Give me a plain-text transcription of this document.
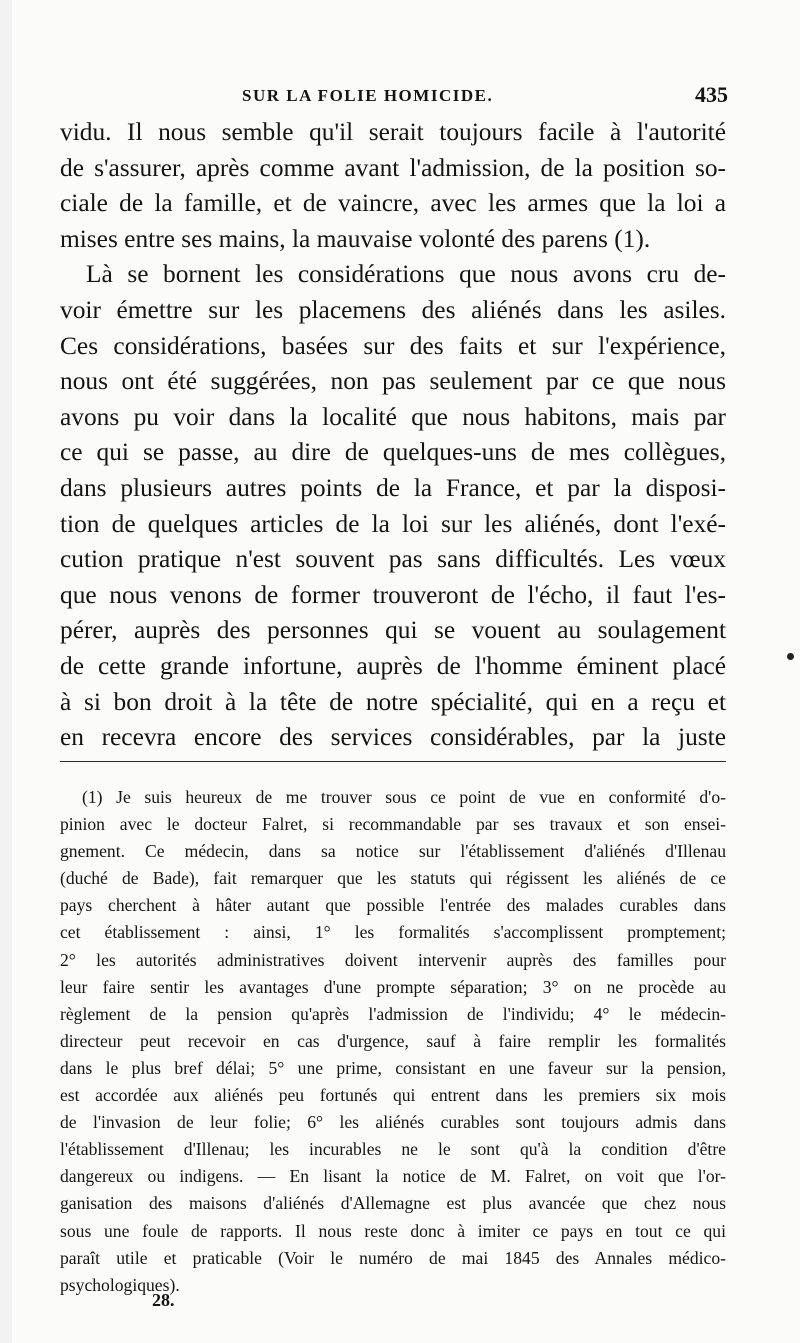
SUR LA FOLIE HOMICIDE.	435
vidu. Il nous semble qu'il serait toujours facile à l'autorité
de s'assurer, après comme avant l'admission, de la position so-
ciale de la famille, et de vaincre, avec les armes que la loi a
mises entre ses mains, la mauvaise volonté des parens (1).
Là se bornent les considérations que nous avons cru de-
voir émettre sur les placemens des aliénés dans les asiles.
Ces considérations, basées sur des faits et sur l'expérience,
nous ont été suggérées, non pas seulement par ce que nous
avons pu voir dans la localité que nous habitons, mais par
ce qui se passe, au dire de quelques-uns de mes collègues,
dans plusieurs autres points de la France, et par la disposi-
tion de quelques articles de la loi sur les aliénés, dont l'exé-
cution pratique n'est souvent pas sans difficultés. Les vœux
que nous venons de former trouveront de l'écho, il faut l'es-
pérer, auprès des personnes qui se vouent au soulagement
de cette grande infortune, auprès de l'homme éminent placé
à si bon droit à la tête de notre spécialité, qui en a reçu et
en recevra encore des services considérables, par la juste
(1) Je suis heureux de me trouver sous ce point de vue en conformité d'o-
pinion avec le docteur Falret, si recommandable par ses travaux et son ensei-
gnement. Ce médecin, dans sa notice sur l'établissement d'aliénés d'Illenau
(duché de Bade), fait remarquer que les statuts qui régissent les aliénés de ce
pays cherchent à hâter autant que possible l'entrée des malades curables dans
cet établissement : ainsi, 1° les formalités s'accomplissent promptement;
2° les autorités administratives doivent intervenir auprès des familles pour
leur faire sentir les avantages d'une prompte séparation; 3° on ne procède au
règlement de la pension qu'après l'admission de l'individu; 4° le médecin-
directeur peut recevoir en cas d'urgence, sauf à faire remplir les formalités
dans le plus bref délai; 5° une prime, consistant en une faveur sur la pension,
est accordée aux aliénés peu fortunés qui entrent dans les premiers six mois
de l'invasion de leur folie; 6° les aliénés curables sont toujours admis dans
l'établissement d'Illenau; les incurables ne le sont qu'à la condition d'être
dangereux ou indigens. — En lisant la notice de M. Falret, on voit que l'or-
ganisation des maisons d'aliénés d'Allemagne est plus avancée que chez nous
sous une foule de rapports. Il nous reste donc à imiter ce pays en tout ce qui
paraît utile et praticable (Voir le numéro de mai 1845 des Annales médico-
psychologiques).
28.
